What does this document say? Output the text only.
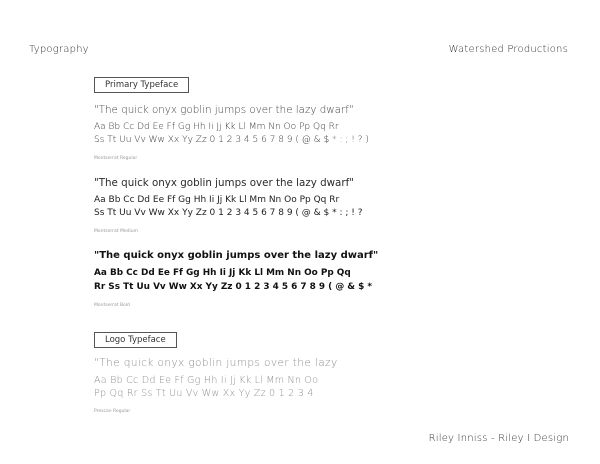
Typography	Watershed Productions
Primary Typeface
"The quick onyx goblin jumps over the lazy dwarf"
Aa Bb Cc Dd Ee Ff Gg Hh Ii Jj Kk Ll Mm Nn Oo Pp Qq Rr
Ss Tt Uu Vv Ww Xx Yy Zz 0 1 2 3 4 5 6 7 8 9 ( @ & $ * : ; ! ? )
Montserrat Regular
"The quick onyx goblin jumps over the lazy dwarf"
Aa Bb Cc Dd Ee Ff Gg Hh Ii Jj Kk Ll Mm Nn Oo Pp Qq Rr
Ss Tt Uu Vv Ww Xx Yy Zz 0 1 2 3 4 5 6 7 8 9 ( @ & $ * : ; ! ?
Montserrat Medium
"The quick onyx goblin jumps over the lazy dwarf"
Aa Bb Cc Dd Ee Ff Gg Hh Ii Jj Kk Ll Mm Nn Oo Pp Qq
Rr Ss Tt Uu Vv Ww Xx Yy Zz 0 1 2 3 4 5 6 7 8 9 ( @ & $ *
Montserrat Bold
Logo Typeface
"The quick onyx goblin jumps over the lazy
Aa Bb Cc Dd Ee Ff Gg Hh Ii Jj Kk Ll Mm Nn Oo
Pp Qq Rr Ss Tt Uu Vv Ww Xx Yy Zz 0 1 2 3 4
Prescan Regular
Riley Inniss - Riley I Design
